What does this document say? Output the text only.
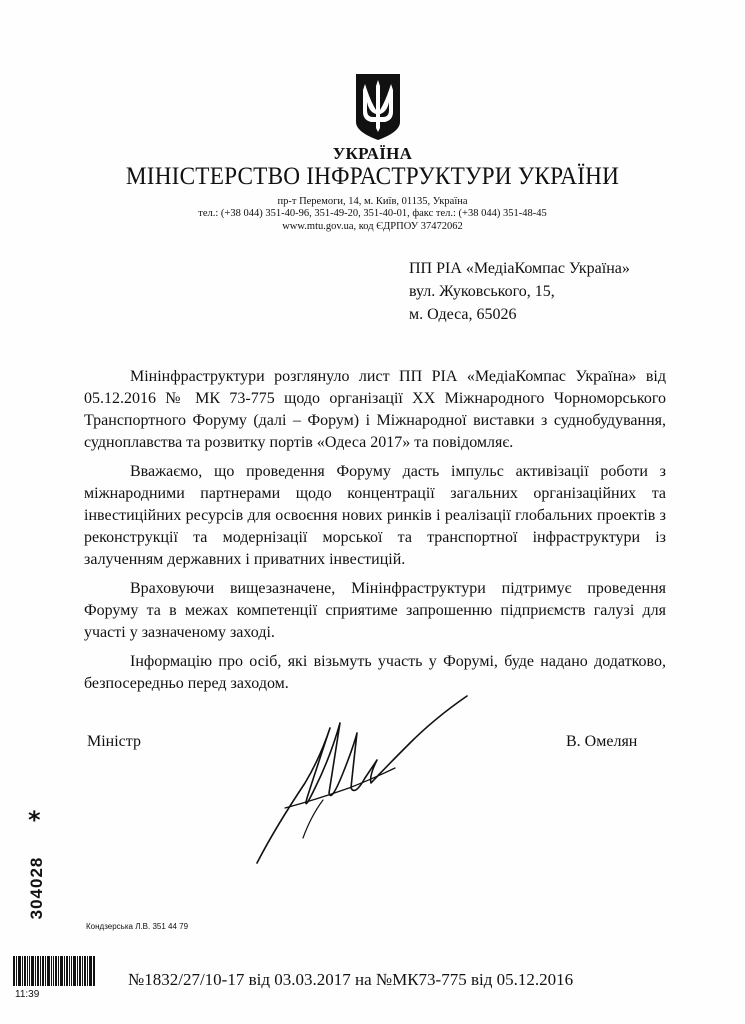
УКРАЇНА
МІНІСТЕРСТВО ІНФРАСТРУКТУРИ УКРАЇНИ
пр-т Перемоги, 14, м. Київ, 01135, Україна
тел.: (+38 044) 351-40-96, 351-49-20, 351-40-01, факс тел.: (+38 044) 351-48-45
www.mtu.gov.ua, код ЄДРПОУ 37472062
ПП РІА «МедіаКомпас Україна»
вул. Жуковського, 15,
м. Одеса, 65026

Мінінфраструктури розглянуло лист ПП РІА «МедіаКомпас Україна» від 05.12.2016 № МК 73-775 щодо організації XX Міжнародного Чорноморського Транспортного Форуму (далі – Форум) і Міжнародної виставки з суднобудування, судноплавства та розвитку портів «Одеса 2017» та повідомляє.

Вважаємо, що проведення Форуму дасть імпульс активізації роботи з міжнародними партнерами щодо концентрації загальних організаційних та інвестиційних ресурсів для освоєння нових ринків і реалізації глобальних проектів з реконструкції та модернізації морської та транспортної інфраструктури із залученням державних і приватних інвестицій.

Враховуючи вищезазначене, Мінінфраструктури підтримує проведення Форуму та в межах компетенції сприятиме запрошенню підприємств галузі для участі у зазначеному заході.

Інформацію про осіб, які візьмуть участь у Форумі, буде надано додатково, безпосередньо перед заходом.

Міністр	В. Омелян
*
304028
Кондзерська Л.В. 351 44 79
11:39
№1832/27/10-17 від 03.03.2017 на №МК73-775 від 05.12.2016
